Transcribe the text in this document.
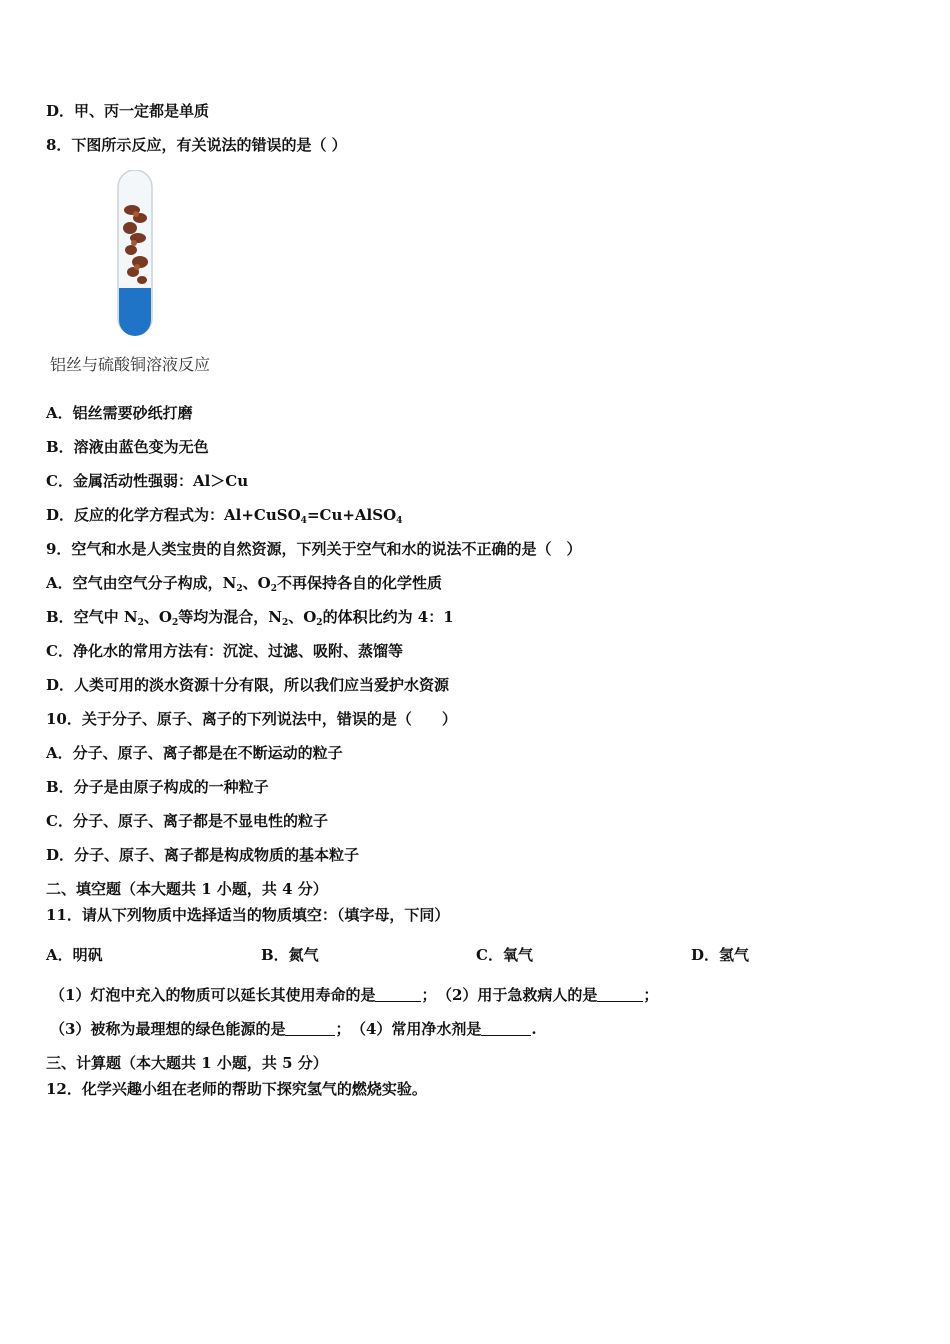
D．甲、丙一定都是单质
8．下图所示反应，有关说法的错误的是（ ）
铝丝与硫酸铜溶液反应
A．铝丝需要砂纸打磨
B．溶液由蓝色变为无色
C．金属活动性强弱：Al＞Cu
D．反应的化学方程式为：Al+CuSO$_4$=Cu+AlSO$_4$
9．空气和水是人类宝贵的自然资源，下列关于空气和水的说法不正确的是（　）
A．空气由空气分子构成，$N_2$、$O_2$不再保持各自的化学性质
B．空气中 $N_2$、$O_2$等均为混合，$N_2$、$O_2$的体积比约为 4：1
C．净化水的常用方法有：沉淀、过滤、吸附、蒸馏等
D．人类可用的淡水资源十分有限，所以我们应当爱护水资源
10．关于分子、原子、离子的下列说法中，错误的是（　　）
A．分子、原子、离子都是在不断运动的粒子
B．分子是由原子构成的一种粒子
C．分子、原子、离子都是不显电性的粒子
D．分子、原子、离子都是构成物质的基本粒子
二、填空题（本大题共 1 小题，共 4 分）
11．请从下列物质中选择适当的物质填空：（填字母，下同）
A．明矾	B．氮气	C．氧气	D．氢气
（1）灯泡中充入的物质可以延长其使用寿命的是	； （2）用于急救病人的是	；
（3）被称为最理想的绿色能源的是	； （4）常用净水剂是	.
三、计算题（本大题共 1 小题，共 5 分）
12．化学兴趣小组在老师的帮助下探究氢气的燃烧实验。
